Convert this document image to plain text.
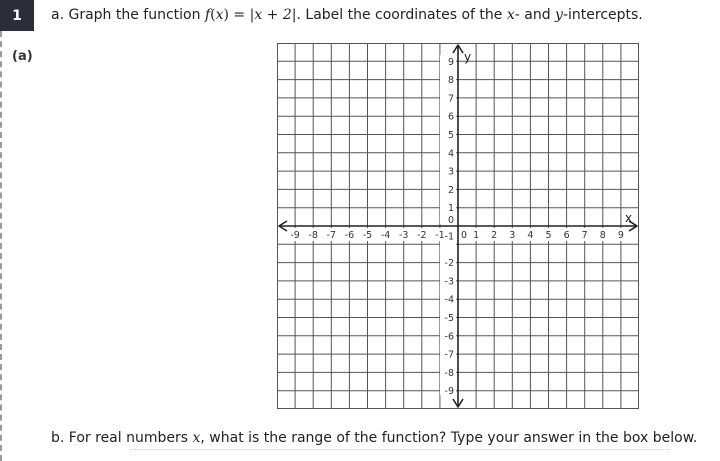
1 a. Graph the function f(x) = |x + 2|. Label the coordinates of the x- and y-intercepts.
(a)
x
y
-9 -8 -7 -6 -5 -4 -3 -2 -1 0 1 2 3 4 5 6 7 8 9
9
8
7
6
5
4
3
2
1
0
-1
-2
-3
-4
-5
-6
-7
-8
-9
b. For real numbers x, what is the range of the function? Type your answer in the box below.
